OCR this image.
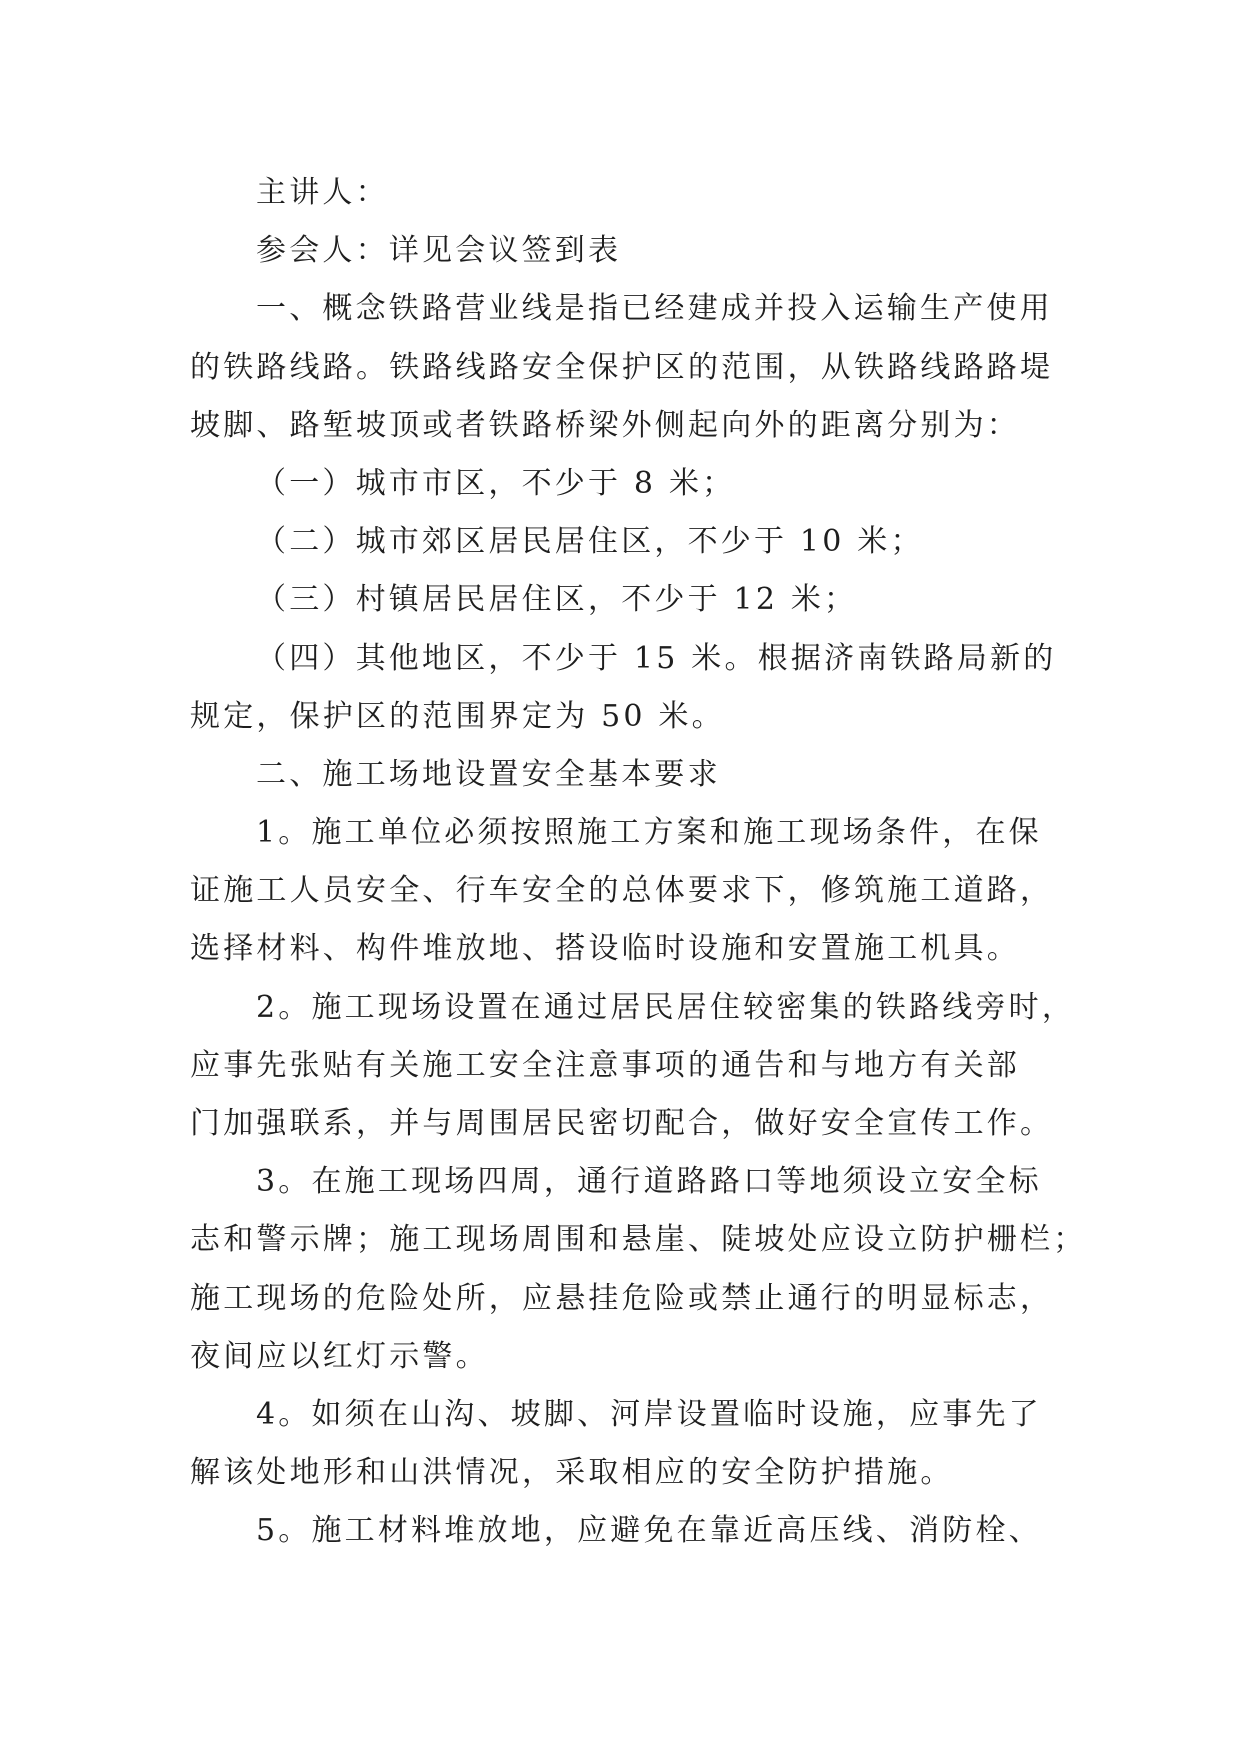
主讲人：
参会人：详见会议签到表
一、概念铁路营业线是指已经建成并投入运输生产使用
的铁路线路。铁路线路安全保护区的范围，从铁路线路路堤
坡脚、路堑坡顶或者铁路桥梁外侧起向外的距离分别为：
（一）城市市区，不少于 8 米；
（二）城市郊区居民居住区，不少于 10 米；
（三）村镇居民居住区，不少于 12 米；
（四）其他地区，不少于 15 米。根据济南铁路局新的
规定，保护区的范围界定为 50 米。
二、施工场地设置安全基本要求
1。施工单位必须按照施工方案和施工现场条件，在保
证施工人员安全、行车安全的总体要求下，修筑施工道路，
选择材料、构件堆放地、搭设临时设施和安置施工机具。
2。施工现场设置在通过居民居住较密集的铁路线旁时，
应事先张贴有关施工安全注意事项的通告和与地方有关部
门加强联系，并与周围居民密切配合，做好安全宣传工作。
3。在施工现场四周，通行道路路口等地须设立安全标
志和警示牌；施工现场周围和悬崖、陡坡处应设立防护栅栏；
施工现场的危险处所，应悬挂危险或禁止通行的明显标志，
夜间应以红灯示警。
4。如须在山沟、坡脚、河岸设置临时设施，应事先了
解该处地形和山洪情况，采取相应的安全防护措施。
5。施工材料堆放地，应避免在靠近高压线、消防栓、
